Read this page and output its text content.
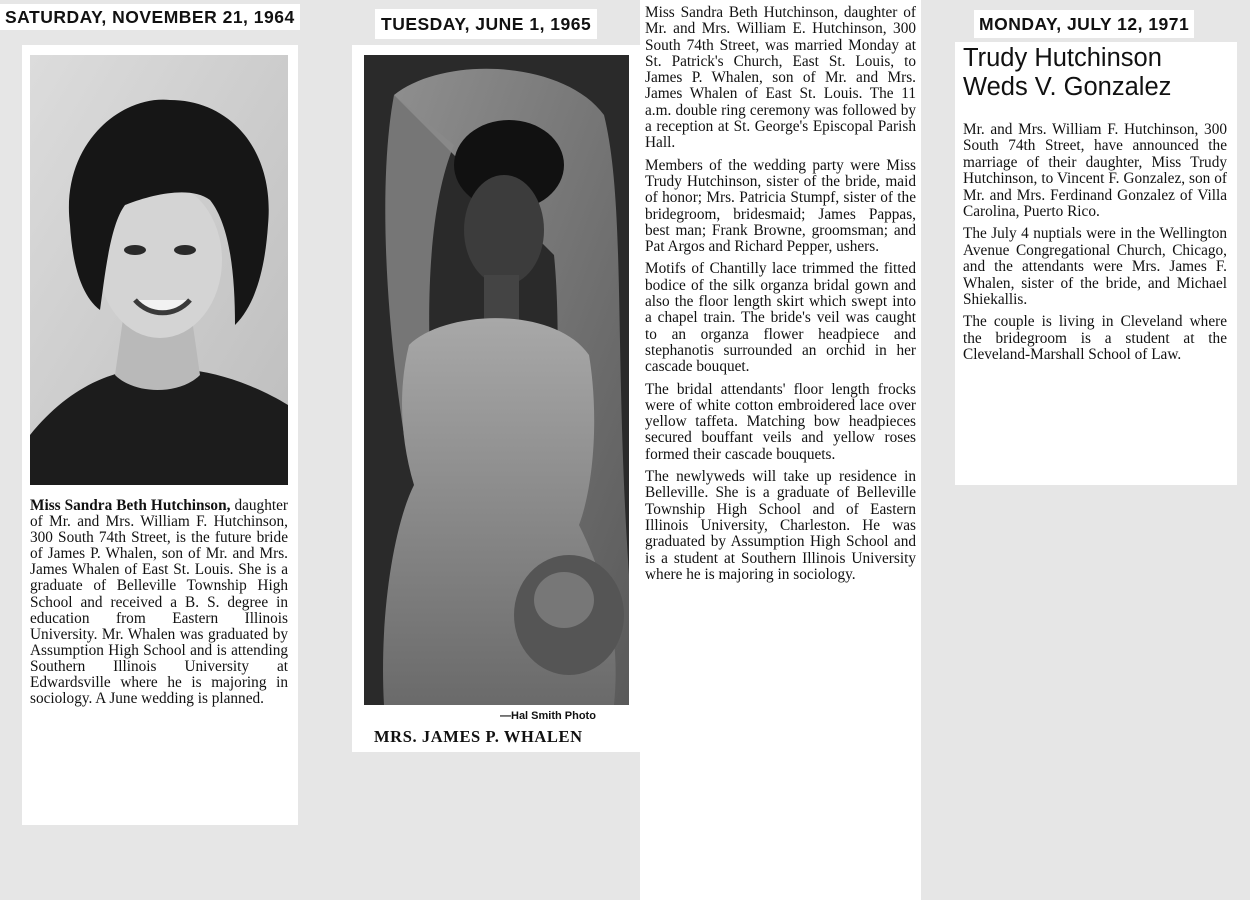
SATURDAY, NOVEMBER 21, 1964

Miss Sandra Beth Hutchinson, daughter of Mr. and Mrs. William F. Hutchinson, 300 South 74th Street, is the future bride of James P. Whalen, son of Mr. and Mrs. James Whalen of East St. Louis. She is a graduate of Belleville Township High School and received a B. S. degree in education from Eastern Illinois University. Mr. Whalen was graduated by Assumption High School and is attending Southern Illinois University at Edwardsville where he is majoring in sociology. A June wedding is planned.

TUESDAY, JUNE 1, 1965
—Hal Smith Photo
MRS. JAMES P. WHALEN

Miss Sandra Beth Hutchinson, daughter of Mr. and Mrs. William E. Hutchinson, 300 South 74th Street, was married Monday at St. Patrick's Church, East St. Louis, to James P. Whalen, son of Mr. and Mrs. James Whalen of East St. Louis. The 11 a.m. double ring ceremony was followed by a reception at St. George's Episcopal Parish Hall.

Members of the wedding party were Miss Trudy Hutchinson, sister of the bride, maid of honor; Mrs. Patricia Stumpf, sister of the bridegroom, bridesmaid; James Pappas, best man; Frank Browne, groomsman; and Pat Argos and Richard Pepper, ushers.

Motifs of Chantilly lace trimmed the fitted bodice of the silk organza bridal gown and also the floor length skirt which swept into a chapel train. The bride's veil was caught to an organza flower headpiece and stephanotis surrounded an orchid in her cascade bouquet.

The bridal attendants' floor length frocks were of white cotton embroidered lace over yellow taffeta. Matching bow headpieces secured bouffant veils and yellow roses formed their cascade bouquets.

The newlyweds will take up residence in Belleville. She is a graduate of Belleville Township High School and of Eastern Illinois University, Charleston. He was graduated by Assumption High School and is a student at Southern Illinois University where he is majoring in sociology.

MONDAY, JULY 12, 1971
Trudy Hutchinson
Weds V. Gonzalez

Mr. and Mrs. William F. Hutchinson, 300 South 74th Street, have announced the marriage of their daughter, Miss Trudy Hutchinson, to Vincent F. Gonzalez, son of Mr. and Mrs. Ferdinand Gonzalez of Villa Carolina, Puerto Rico.

The July 4 nuptials were in the Wellington Avenue Congregational Church, Chicago, and the attendants were Mrs. James F. Whalen, sister of the bride, and Michael Shiekallis.

The couple is living in Cleveland where the bridegroom is a student at the Cleveland-Marshall School of Law.
